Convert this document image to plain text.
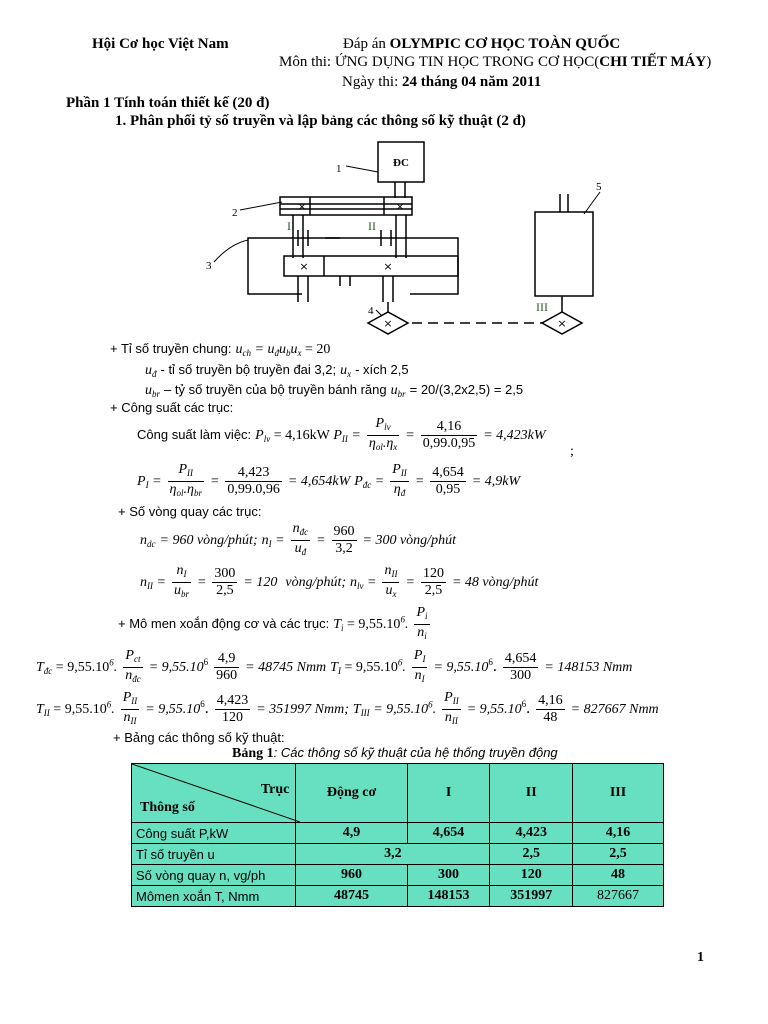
Hội Cơ học Việt Nam	Đáp án OLYMPIC CƠ HỌC TOÀN QUỐC
Môn thi: ỨNG DỤNG TIN HỌC TRONG CƠ HỌC(CHI TIẾT MÁY)
Ngày thi: 24 tháng 04 năm 2011
Phần 1 Tính toán thiết kế (20 đ)
1. Phân phối tỷ số truyền và lập bảng các thông số kỹ thuật (2 đ)
ĐC
1
2
3
4
5
I	II
III
×	×
×	×
×	×
+ Tỉ số truyền chung: $u_{ch} = u_đu_bu_x = 20$
$u_đ$ - tỉ số truyền bộ truyền đai 3,2; $u_x$ - xích 2,5
$u_{br}$ – tỷ số truyền của bộ truyền bánh răng $u_{br} = 20/(3,2x2,5) = 2,5$
+ Công suất các trục:
Công suất làm việc: $P_{lv} = 4,16kW$ $P_{II} = \frac{P_{lv}}{\eta_{ol}.\eta_x} = \frac{4,16}{0,99.0,95} = 4,423kW$
;
$P_I = \frac{P_{II}}{\eta_{ol}.\eta_{br}} = \frac{4,423}{0,99.0,96} = 4,654kW$ $P_{đc} = \frac{P_{II}}{\eta_đ} = \frac{4,654}{0,95} = 4,9kW$
+ Số vòng quay các trục:
$n_{dc} = 960$ vòng/phút; $n_I = \frac{n_{đc}}{u_đ} = \frac{960}{3,2} = 300$ vòng/phút
$n_{II} = \frac{n_I}{u_{br}} = \frac{300}{2,5} = 120$ vòng/phút; $n_{lv} = \frac{n_{II}}{u_x} = \frac{120}{2,5} = 48$ vòng/phút
+ Mô men xoắn động cơ và các trục: $T_i = 9,55.10^6$. $\frac{P_i}{n_i}$
$T_{đc} = 9,55.10^6$. $\frac{P_{ct}}{n_{đc}} = 9,55.10^6 \frac{4,9}{960} = 48745$ Nmm $T_I = 9,55.10^6$. $\frac{P_I}{n_I} = 9,55.10^6$. $\frac{4,654}{300} = 148153$ Nmm
$T_{II} = 9,55.10^6$. $\frac{P_{II}}{n_{II}} = 9,55.10^6$. $\frac{4,423}{120} = 351997$ Nmm; $T_{III} = 9,55.10^6$. $\frac{P_{II}}{n_{II}} = 9,55.10^6$. $\frac{4,16}{48} = 827667$ Nmm
+ Bảng các thông số kỹ thuật:
Bảng 1: Các thông số kỹ thuật của hệ thống truyền động
Trục
Thông số	Động cơ	I	II	III
Công suất P,kW	4,9	4,654	4,423	4,16
Tỉ số truyền u	3,2		2,5	2,5
Số vòng quay n, vg/ph	960	300	120	48
Mômen xoắn T, Nmm	48745	148153	351997	827667
1
